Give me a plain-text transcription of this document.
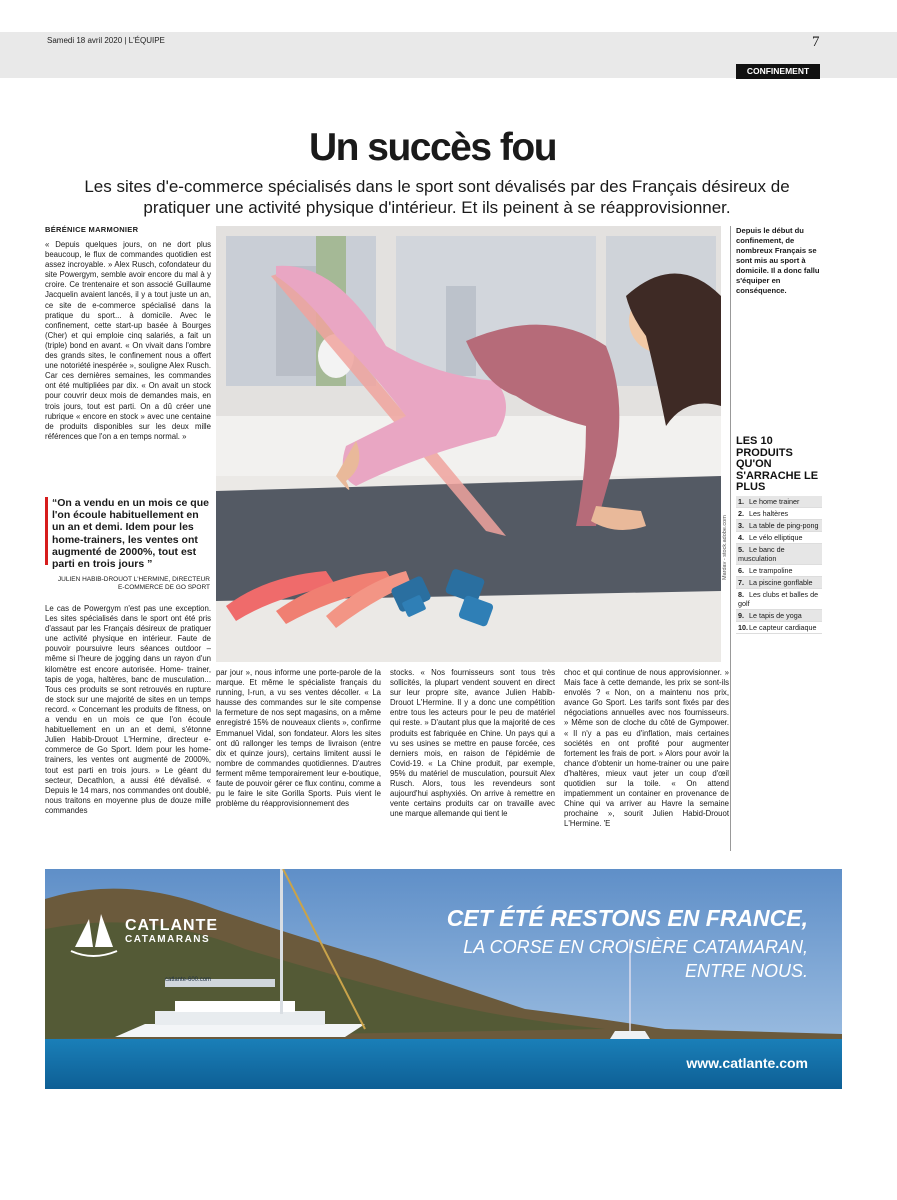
Samedi 18 avril 2020 | L'ÉQUIPE	7
CONFINEMENT
Un succès fou
Les sites d'e-commerce spécialisés dans le sport sont dévalisés par des Français désireux de pratiquer une activité physique d'intérieur. Et ils peinent à se réapprovisionner.
BÉRÉNICE MARMONIER

« Depuis quelques jours, on ne dort plus beaucoup, le flux de commandes quotidien est assez incroyable. » Alex Rusch, cofondateur du site Powergym, semble avoir encore du mal à y croire. Ce trentenaire et son associé Guillaume Jacquelin avaient lancés, il y a tout juste un an, ce site de e-commerce spécialisé dans la pratique du sport... à domicile. Avec le confinement, cette start-up basée à Bourges (Cher) et qui emploie cinq salariés, a fait un (triple) bond en avant. « On vivait dans l'ombre des grands sites, le confinement nous a offert une notoriété inespérée », souligne Alex Rusch. Car ces dernières semaines, les commandes ont été multipliées par dix. « On avait un stock pour couvrir deux mois de demandes mais, en trois jours, tout est parti. On a dû créer une rubrique « encore en stock » avec une centaine de produits disponibles sur les deux mille références que l'on a en temps normal. »

“On a vendu en un mois ce que l'on écoule habituellement en un an et demi. Idem pour les home-trainers, les ventes ont augmenté de 2000%, tout est parti en trois jours ”
JULIEN HABIB-DROUOT L'HERMINE, DIRECTEUR E-COMMERCE DE GO SPORT

Le cas de Powergym n'est pas une exception. Les sites spécialisés dans le sport ont été pris d'assaut par les Français désireux de pratiquer une activité physique en intérieur. Faute de pouvoir poursuivre leurs séances outdoor – même si l'heure de jogging dans un rayon d'un kilomètre est encore autorisée. Home- trainer, tapis de yoga, haltères, banc de musculation... Tous ces produits se sont retrouvés en rupture de stock sur une majorité de sites en un temps record. « Concernant les produits de fitness, on a vendu en un mois ce que l'on écoule habituellement en un an et demi, s'étonne Julien Habib-Drouot L'Hermine, directeur e-commerce de Go Sport. Idem pour les home-trainers, les ventes ont augmenté de 2000%, tout est parti en trois jours. » Le géant du secteur, Decathlon, a aussi été dévalisé. « Depuis le 14 mars, nos commandes ont doublé, nous traitons en moyenne plus de douze mille commandes

Mardav - stock.adobe.com

par jour », nous informe une porte-parole de la marque. Et même le spécialiste français du running, I-run, a vu ses ventes décoller. « La hausse des commandes sur le site compense la fermeture de nos sept magasins, on a même enregistré 15% de nouveaux clients », confirme Emmanuel Vidal, son fondateur. Alors les sites ont dû rallonger les temps de livraison (entre dix et quinze jours), certains limitent aussi le nombre de commandes quotidiennes. D'autres ferment même temporairement leur e-boutique, faute de pouvoir gérer ce flux continu, comme a pu le faire le site Gorilla Sports. Puis vient le problème du réapprovisionnement des

stocks. « Nos fournisseurs sont tous très sollicités, la plupart vendent souvent en direct sur leur propre site, avance Julien Habib-Drouot L'Hermine. Il y a donc une compétition entre tous les acteurs pour le peu de matériel qui reste. » D'autant plus que la majorité de ces produits est fabriquée en Chine. Un pays qui a vu ses usines se mettre en pause forcée, ces derniers mois, en raison de l'épidémie de Covid-19. « La Chine produit, par exemple, 95% du matériel de musculation, poursuit Alex Rusch. Alors, tous les revendeurs sont aujourd'hui asphyxiés. On arrive à remettre en vente certains produits car on travaille avec une marque allemande qui tient le

choc et qui continue de nous approvisionner. » Mais face à cette demande, les prix se sont-ils envolés ? « Non, on a maintenu nos prix, avance Go Sport. Les tarifs sont fixés par des négociations annuelles avec nos fournisseurs. » Même son de cloche du côté de Gympower. « Il n'y a pas eu d'inflation, mais certaines sociétés en ont profité pour augmenter fortement les frais de port. » Alors pour avoir la chance d'obtenir un home-trainer ou une paire d'haltères, mieux vaut jeter un coup d'œil quotidien sur la toile. « On attend impatiemment un container en provenance de Chine qui va arriver au Havre la semaine prochaine », sourit Julien Habid-Drouot L'Hermine. 'E

Depuis le début du confinement, de nombreux Français se sont mis au sport à domicile. Il a donc fallu s'équiper en conséquence.
LES 10 PRODUITS QU'ON S'ARRACHE LE PLUS
1. Le home trainer
2. Les haltères
3. La table de ping-pong
4. Le vélo elliptique
5. Le banc de musculation
6. Le trampoline
7. La piscine gonflable
8. Les clubs et balles de golf
9. Le tapis de yoga
10.Le capteur cardiaque
catlante-600.com
CATLANTE
CATAMARANS
CET ÉTÉ RESTONS EN FRANCE,
LA CORSE EN CROISIÈRE CATAMARAN,
ENTRE NOUS.
www.catlante.com
